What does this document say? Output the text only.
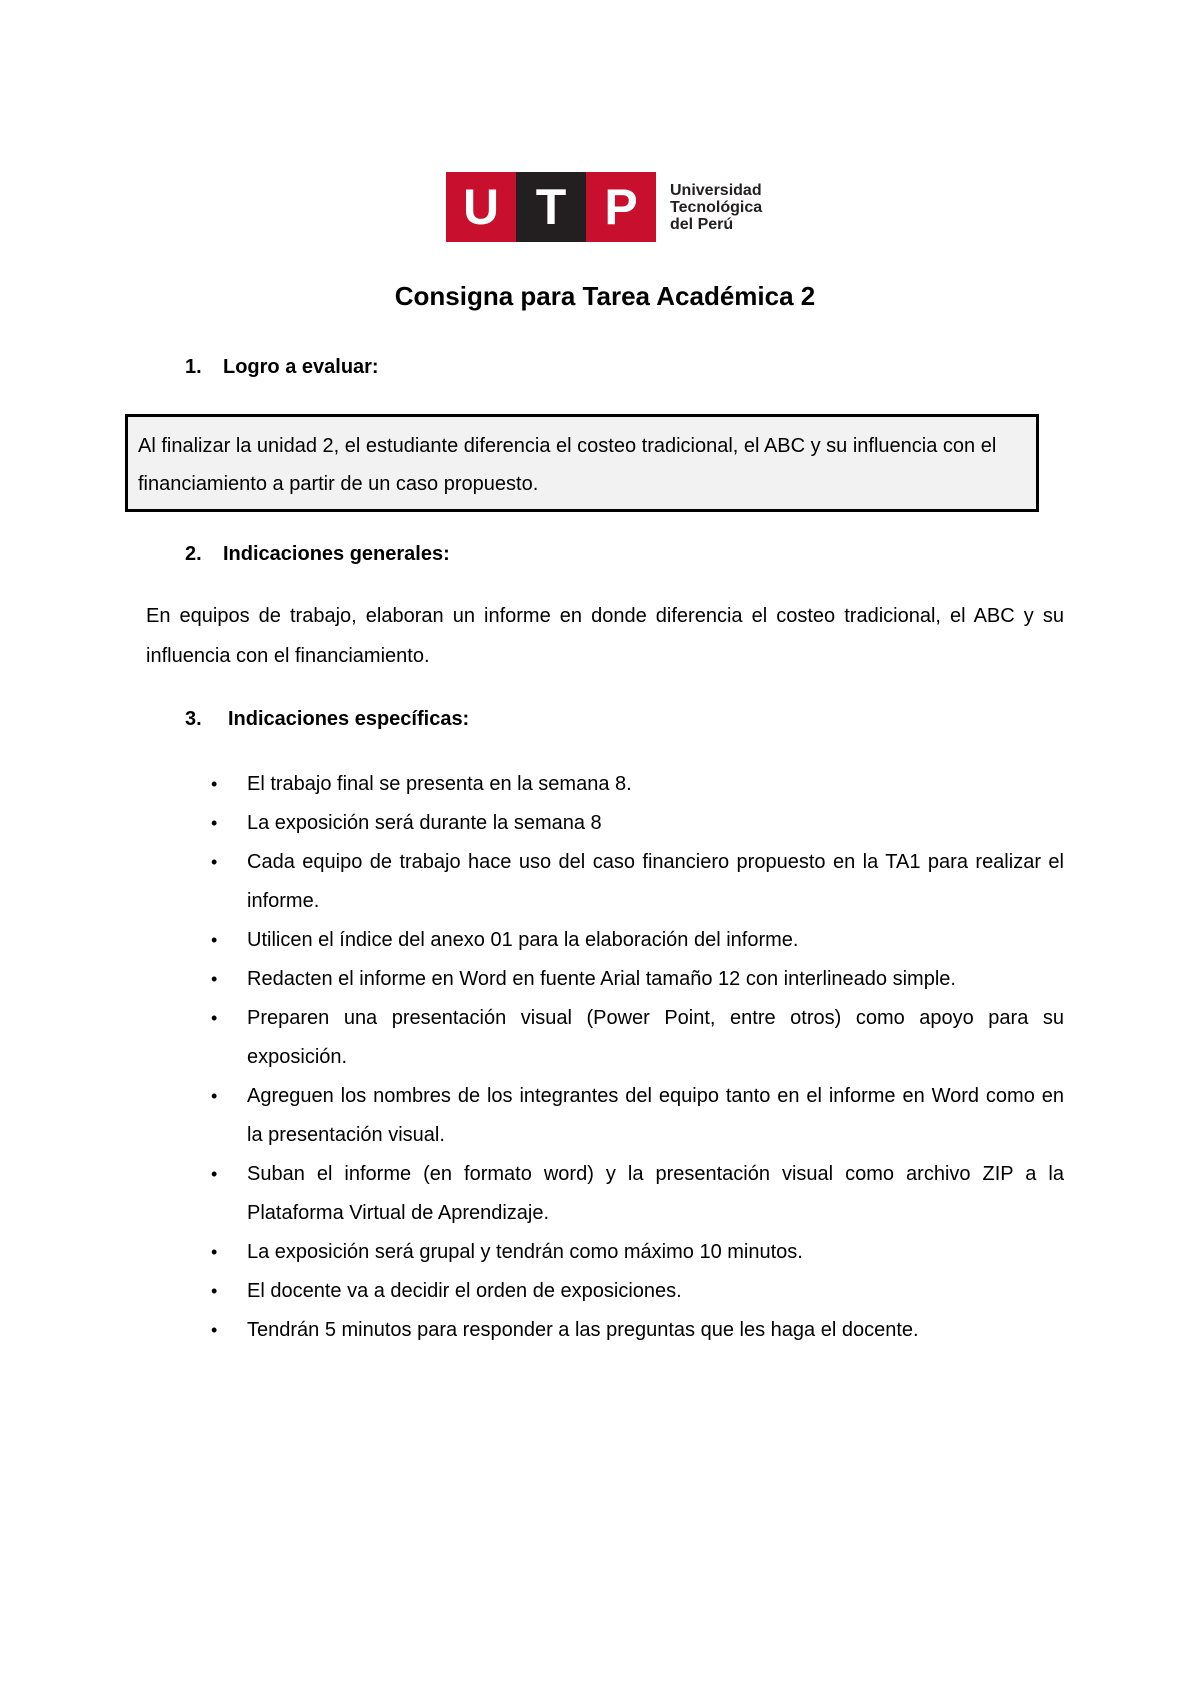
U T P	Universidad
Tecnológica
del Perú
Consigna para Tarea Académica 2
1. Logro a evaluar:
Al finalizar la unidad 2, el estudiante diferencia el costeo tradicional, el ABC y su influencia con el financiamiento a partir de un caso propuesto.
2. Indicaciones generales:
En equipos de trabajo, elaboran un informe en donde diferencia el costeo tradicional, el ABC y su influencia con el financiamiento.
3. Indicaciones específicas:
• El trabajo final se presenta en la semana 8.
• La exposición será durante la semana 8
• Cada equipo de trabajo hace uso del caso financiero propuesto en la TA1 para realizar el informe.
• Utilicen el índice del anexo 01 para la elaboración del informe.
• Redacten el informe en Word en fuente Arial tamaño 12 con interlineado simple.
• Preparen una presentación visual (Power Point, entre otros) como apoyo para su exposición.
• Agreguen los nombres de los integrantes del equipo tanto en el informe en Word como en la presentación visual.
• Suban el informe (en formato word) y la presentación visual como archivo ZIP a la Plataforma Virtual de Aprendizaje.
• La exposición será grupal y tendrán como máximo 10 minutos.
• El docente va a decidir el orden de exposiciones.
• Tendrán 5 minutos para responder a las preguntas que les haga el docente.
